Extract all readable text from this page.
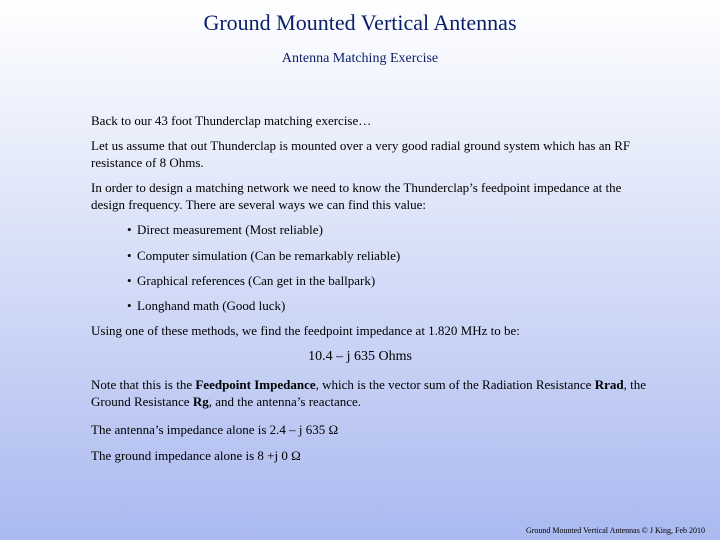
Ground Mounted Vertical Antennas
Antenna Matching Exercise
Back to our 43 foot Thunderclap matching exercise…
Let us assume that out Thunderclap is mounted over a very good radial ground system which has an RF resistance of 8 Ohms.
In order to design a matching network we need to know the Thunderclap’s feedpoint impedance at the design frequency. There are several ways we can find this value:
• Direct measurement (Most reliable)
• Computer simulation (Can be remarkably reliable)
• Graphical references (Can get in the ballpark)
• Longhand math (Good luck)
Using one of these methods, we find the feedpoint impedance at 1.820 MHz to be:
10.4 – j 635 Ohms
Note that this is the Feedpoint Impedance, which is the vector sum of the Radiation Resistance Rrad, the Ground Resistance Rg, and the antenna’s reactance.
The antenna’s impedance alone is 2.4 – j 635 Ω
The ground impedance alone is 8 +j 0 Ω
Ground Mounted Vertical Antennas © J King, Feb 2010
